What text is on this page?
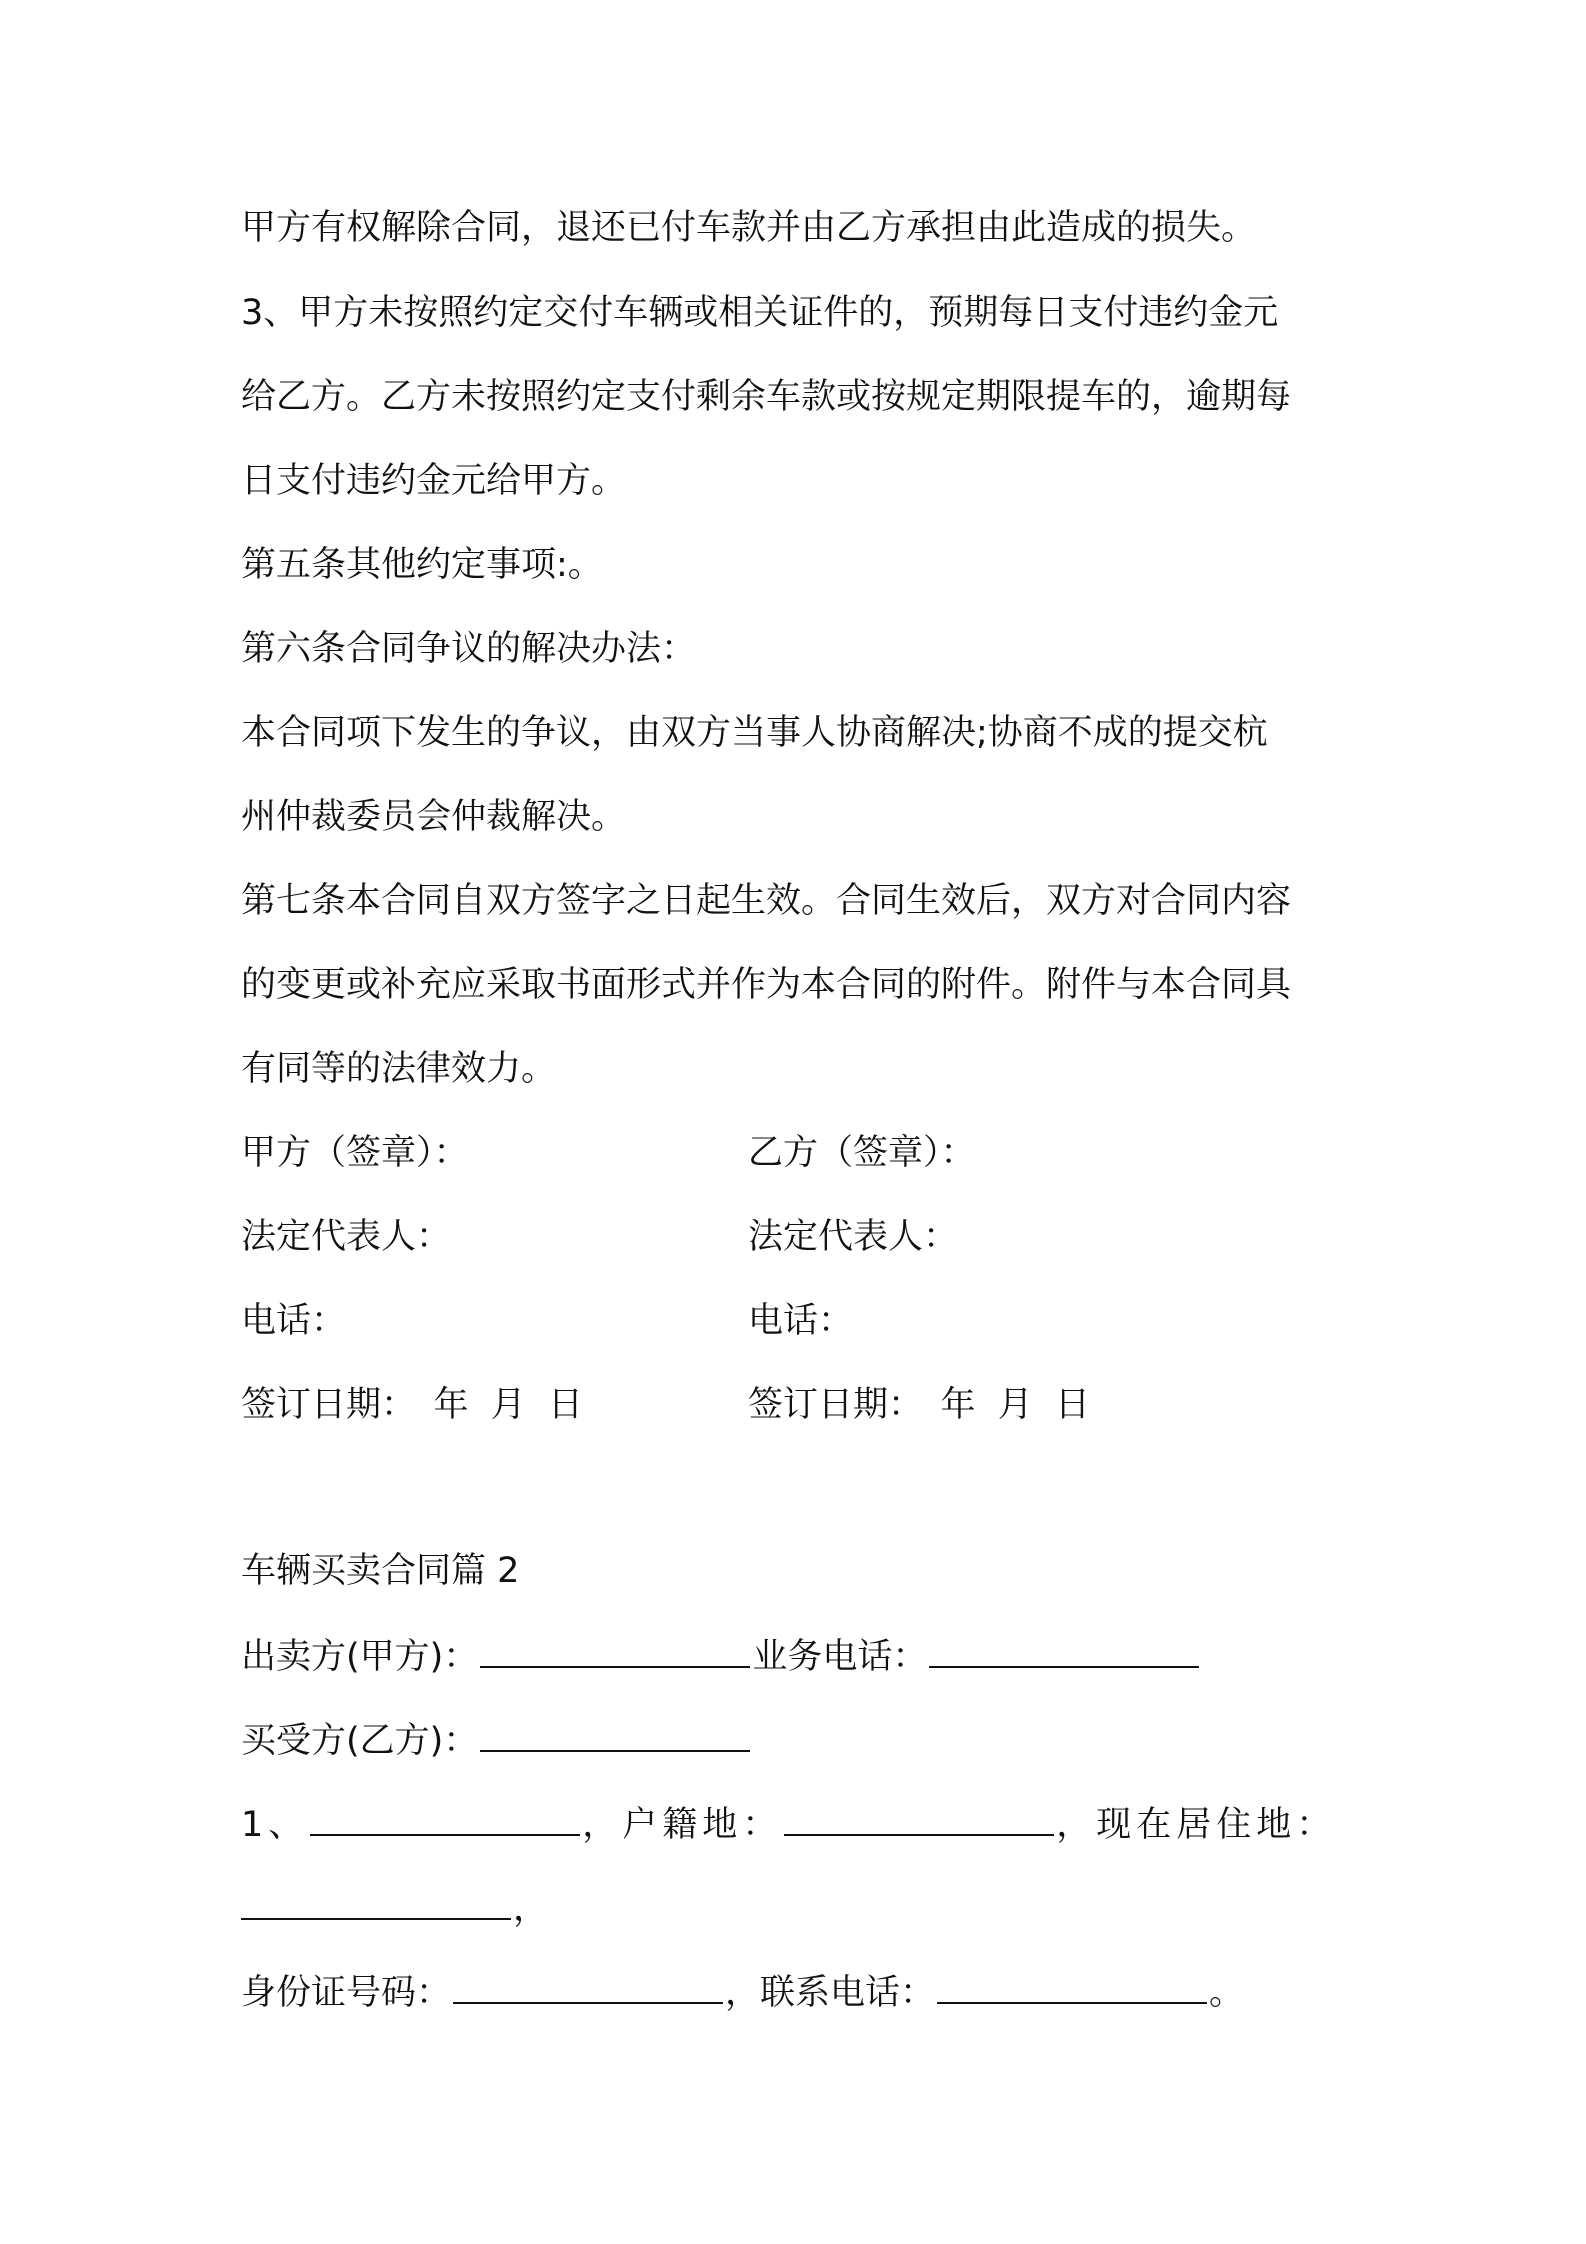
甲方有权解除合同，退还已付车款并由乙方承担由此造成的损失。
3、甲方未按照约定交付车辆或相关证件的，预期每日支付违约金元
给乙方。乙方未按照约定支付剩余车款或按规定期限提车的，逾期每
日支付违约金元给甲方。
第五条其他约定事项:。
第六条合同争议的解决办法：
本合同项下发生的争议，由双方当事人协商解决;协商不成的提交杭
州仲裁委员会仲裁解决。
第七条本合同自双方签字之日起生效。合同生效后，双方对合同内容
的变更或补充应采取书面形式并作为本合同的附件。附件与本合同具
有同等的法律效力。
甲方（签章）：	乙方（签章）：
法定代表人：	法定代表人：
电话：	电话：
签订日期：　年  月  日	签订日期：　年  月  日
车辆买卖合同篇 2
出卖方(甲方)：	业务电话：
买受方(乙方)：
1、	，户籍地：	，现在居住地：
，
身份证号码：	，联系电话：	。
